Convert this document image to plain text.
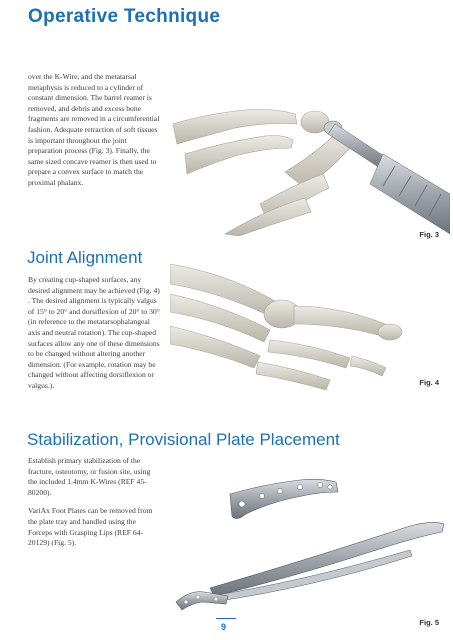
Operative Technique

over the K-Wire, and the metatarsal metaphysis is reduced to a cylinder of constant dimension. The barrel reamer is removed, and debris and excess bone fragments are removed in a circumferential fashion. Adequate retraction of soft tissues is important throughout the joint preparation process (Fig. 3). Finally, the same sized concave reamer is then used to prepare a convex surface to match the proximal phalanx.

Fig. 3
Joint Alignment

By creating cup-shaped surfaces, any desired alignment may be achieved (Fig. 4) . The desired alignment is typically valgus of 15° to 20° and dorsiflexion of 20° to 30° (in reference to the metatarsophalangeal axis and neutral rotation). The cup-shaped surfaces allow any one of these dimensions to be changed without altering another dimension. (For example, rotation may be changed without affecting dorsiflexion or valgus.).	Fig. 4
Stabilization, Provisional Plate Placement

Establish primary stabilization of the fracture, osteotomy, or fusion site, using the included 1.4mm K-Wires (REF 45-80200).

VariAx Foot Plates can be removed from the plate tray and handled using the Forceps with Grasping Lips (REF 64-20129) (Fig. 5).

Fig. 5
9
